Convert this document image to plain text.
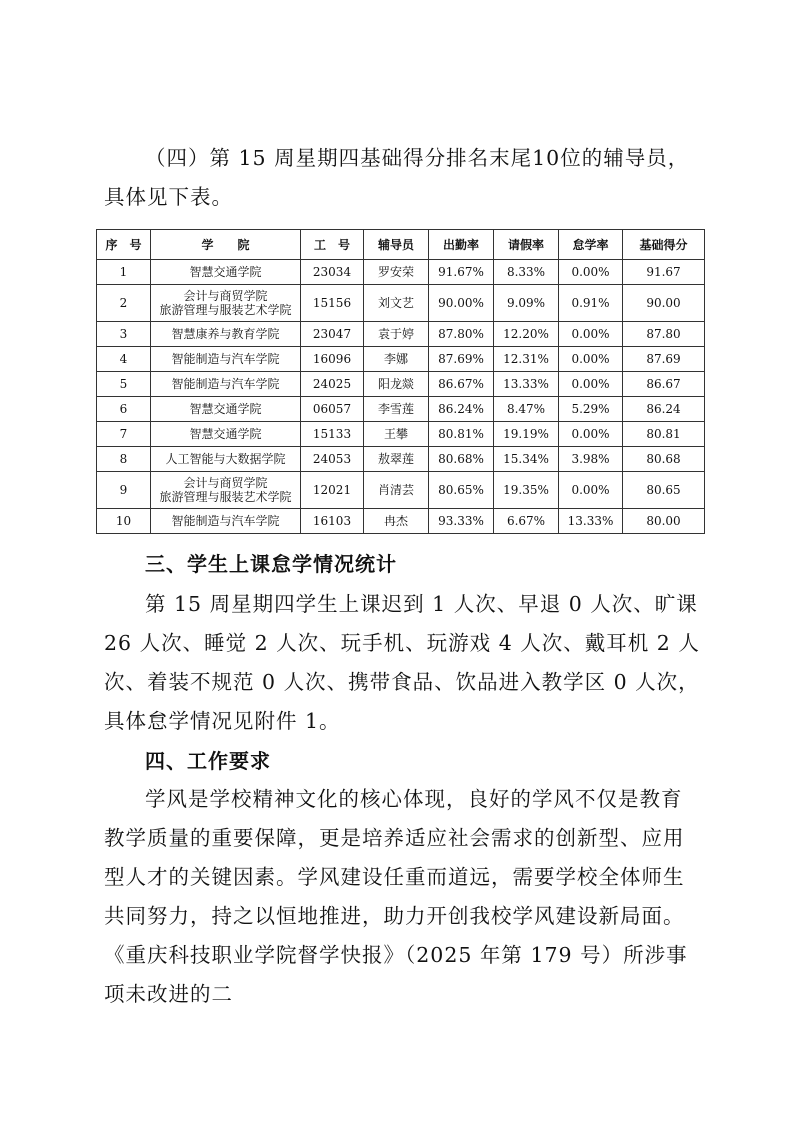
（四）第 15 周星期四基础得分排名末尾10位的辅导员，具体见下表。

序　号	学　　院	工　号	辅导员	出勤率	请假率	怠学率	基础得分
1	智慧交通学院	23034	罗安荣	91.67%	8.33%	0.00%	91.67
2	会计与商贸学院
旅游管理与服装艺术学院	15156	刘文艺	90.00%	9.09%	0.91%	90.00
3	智慧康养与教育学院	23047	袁于婷	87.80%	12.20%	0.00%	87.80
4	智能制造与汽车学院	16096	李娜	87.69%	12.31%	0.00%	87.69
5	智能制造与汽车学院	24025	阳龙燚	86.67%	13.33%	0.00%	86.67
6	智慧交通学院	06057	李雪莲	86.24%	8.47%	5.29%	86.24
7	智慧交通学院	15133	王攀	80.81%	19.19%	0.00%	80.81
8	人工智能与大数据学院	24053	敖翠莲	80.68%	15.34%	3.98%	80.68
9	会计与商贸学院
旅游管理与服装艺术学院	12021	肖清芸	80.65%	19.35%	0.00%	80.65
10	智能制造与汽车学院	16103	冉杰	93.33%	6.67%	13.33%	80.00
三、学生上课怠学情况统计

第 15 周星期四学生上课迟到 1 人次、早退 0 人次、旷课 26 人次、睡觉 2 人次、玩手机、玩游戏 4 人次、戴耳机 2 人次、着装不规范 0 人次、携带食品、饮品进入教学区 0 人次，具体怠学情况见附件 1。

四、工作要求

学风是学校精神文化的核心体现，良好的学风不仅是教育教学质量的重要保障，更是培养适应社会需求的创新型、应用型人才的关键因素。学风建设任重而道远，需要学校全体师生共同努力，持之以恒地推进，助力开创我校学风建设新局面。《重庆科技职业学院督学快报》（2025 年第 179 号）所涉事项未改进的二
